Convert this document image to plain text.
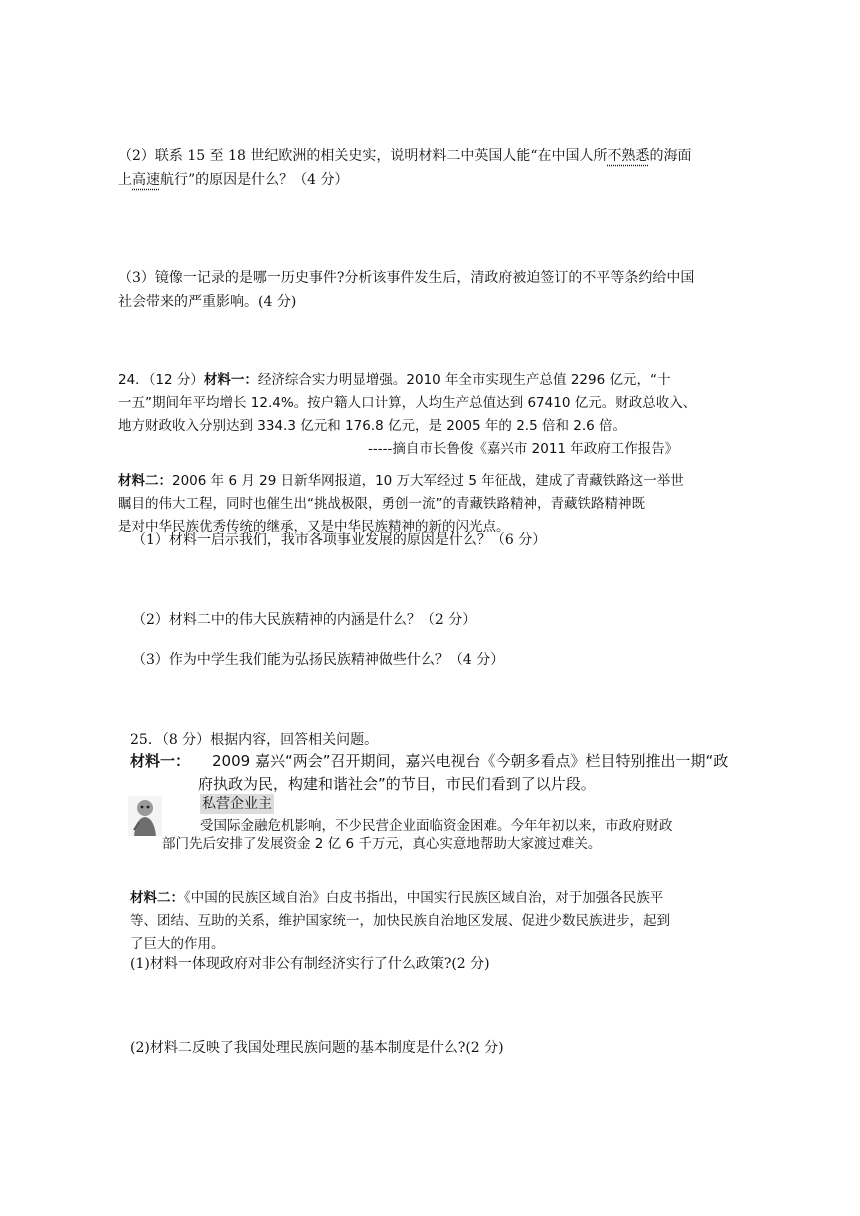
（2）联系 15 至 18 世纪欧洲的相关史实，说明材料二中英国人能“在中国人所不熟悉的海面
上高速航行”的原因是什么？（4 分）
（3）镜像一记录的是哪一历史事件?分析该事件发生后，清政府被迫签订的不平等条约给中国
社会带来的严重影响。(4 分)
24．（12 分）材料一：经济综合实力明显增强。2010 年全市实现生产总值 2296 亿元，“十
一五”期间年平均增长 12.4%。按户籍人口计算，人均生产总值达到 67410 亿元。财政总收入、
地方财政收入分别达到 334.3 亿元和 176.8 亿元，是 2005 年的 2.5 倍和 2.6 倍。
-----摘自市长鲁俊《嘉兴市 2011 年政府工作报告》
材料二：2006 年 6 月 29 日新华网报道，10 万大军经过 5 年征战，建成了青藏铁路这一举世
瞩目的伟大工程，同时也催生出“挑战极限，勇创一流”的青藏铁路精神，青藏铁路精神既
是对中华民族优秀传统的继承，又是中华民族精神的新的闪光点。
（1）材料一启示我们，我市各项事业发展的原因是什么？（6 分）
（2）材料二中的伟大民族精神的内涵是什么？（2 分）
（3）作为中学生我们能为弘扬民族精神做些什么？（4 分）
25．（8 分）根据内容，回答相关问题。
材料一： 2009 嘉兴“两会”召开期间，嘉兴电视台《今朝多看点》栏目特别推出一期“政
府执政为民，构建和谐社会”的节目，市民们看到了以片段。
私营企业主
受国际金融危机影响，不少民营企业面临资金困难。今年年初以来，市政府财政
部门先后安排了发展资金 2 亿 6 千万元，真心实意地帮助大家渡过难关。
材料二：《中国的民族区域自治》白皮书指出，中国实行民族区域自治，对于加强各民族平
等、团结、互助的关系，维护国家统一，加快民族自治地区发展、促进少数民族进步，起到
了巨大的作用。
(1)材料一体现政府对非公有制经济实行了什么政策?(2 分)
(2)材料二反映了我国处理民族问题的基本制度是什么?(2 分)
